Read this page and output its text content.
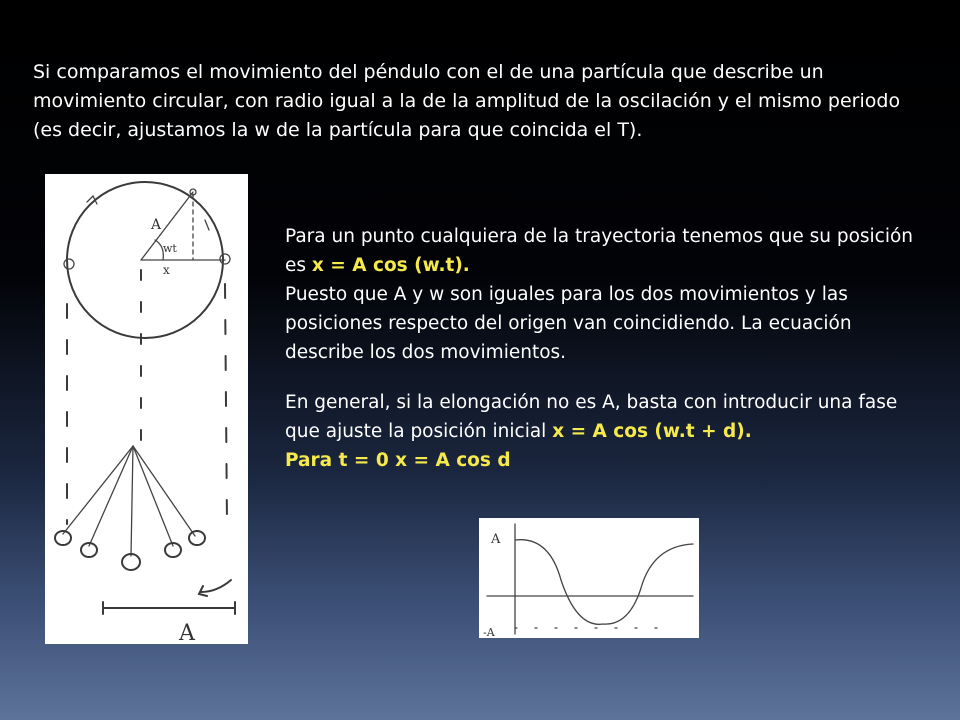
Si comparamos el movimiento del péndulo con el de una partícula que describe un movimiento circular, con radio igual a la de la amplitud de la oscilación y el mismo periodo (es decir, ajustamos la w de la partícula para que coincida el T).

A
wt
x
A
Para un punto cualquiera de la trayectoria tenemos que su posición es x = A cos (w.t).
Puesto que A y w son iguales para los dos movimientos y las posiciones respecto del origen van coincidiendo. La ecuación describe los dos movimientos.
En general, si la elongación no es A, basta con introducir una fase que ajuste la posición inicial x = A cos (w.t + d).
Para t = 0 x = A cos d
A
-A
